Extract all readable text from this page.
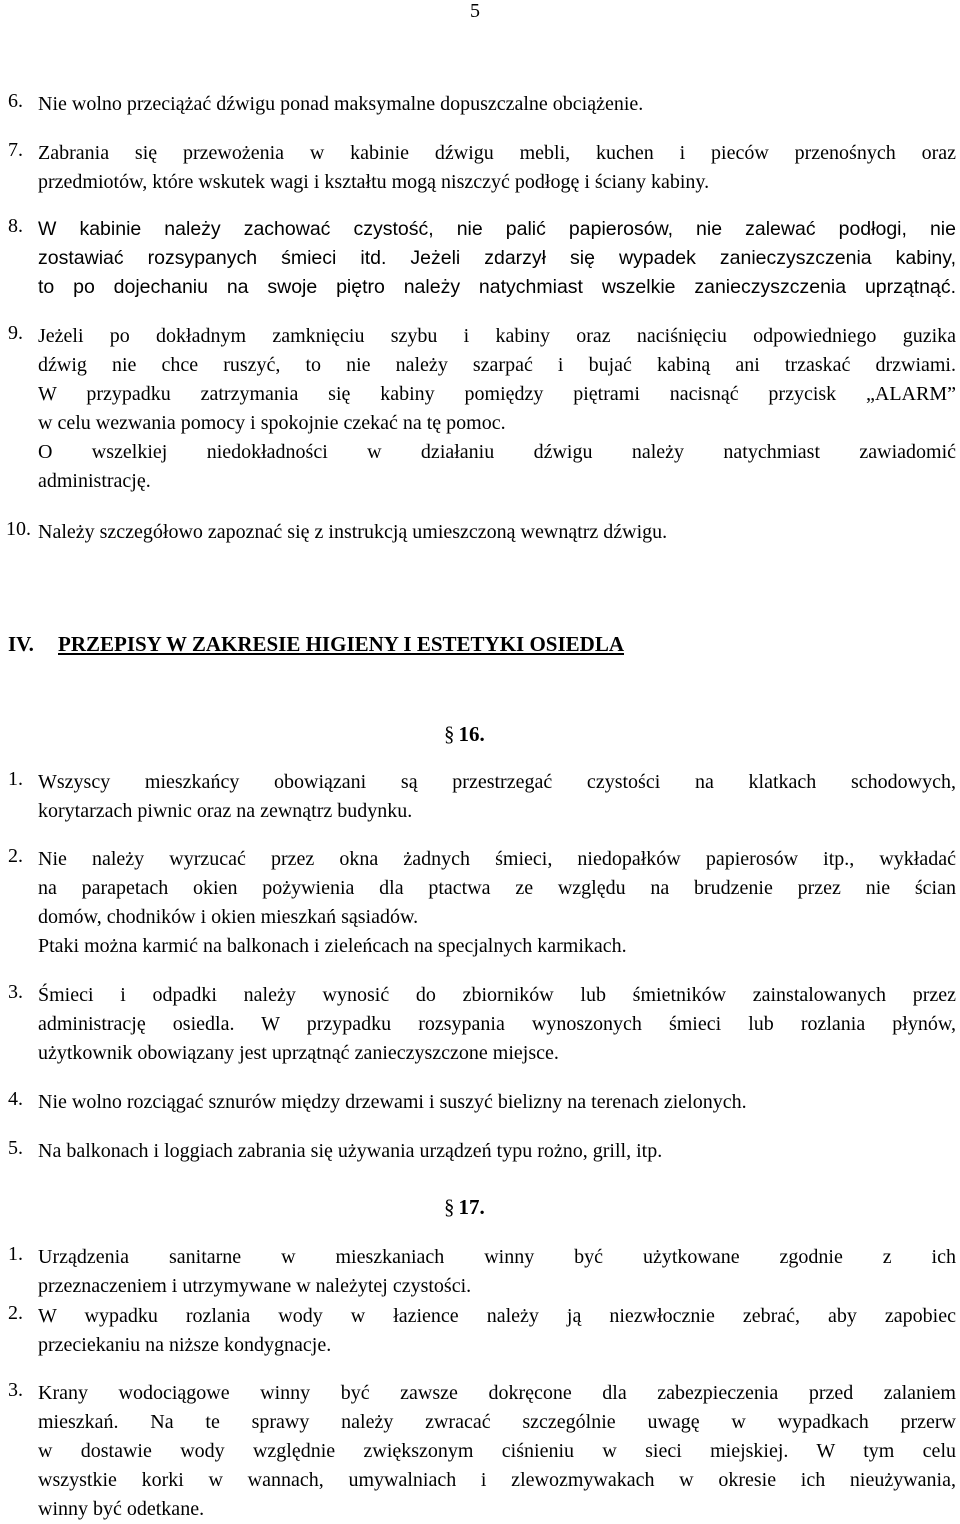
5
6. Nie wolno przeciążać dźwigu ponad maksymalne dopuszczalne obciążenie.
7. Zabrania się przewożenia w kabinie dźwigu mebli, kuchen i pieców przenośnych oraz
przedmiotów, które wskutek wagi i kształtu mogą niszczyć podłogę i ściany kabiny.
8. W kabinie należy zachować czystość, nie palić papierosów, nie zalewać podłogi, nie
zostawiać rozsypanych śmieci itd. Jeżeli zdarzył się wypadek zanieczyszczenia kabiny,
to po dojechaniu na swoje piętro należy natychmiast wszelkie zanieczyszczenia uprzątnąć.
9. Jeżeli po dokładnym zamknięciu szybu i kabiny oraz naciśnięciu odpowiedniego guzika
dźwig nie chce ruszyć, to nie należy szarpać i bujać kabiną ani trzaskać drzwiami.
W przypadku zatrzymania się kabiny pomiędzy piętrami nacisnąć przycisk „ALARM”
w celu wezwania pomocy i spokojnie czekać na tę pomoc.
O wszelkiej niedokładności w działaniu dźwigu należy natychmiast zawiadomić
administrację.
10. Należy szczegółowo zapoznać się z instrukcją umieszczoną wewnątrz dźwigu.
IV. PRZEPISY W ZAKRESIE HIGIENY I ESTETYKI OSIEDLA
§ 16.
1. Wszyscy mieszkańcy obowiązani są przestrzegać czystości na klatkach schodowych,
korytarzach piwnic oraz na zewnątrz budynku.
2. Nie należy wyrzucać przez okna żadnych śmieci, niedopałków papierosów itp., wykładać
na parapetach okien pożywienia dla ptactwa ze względu na brudzenie przez nie ścian
domów, chodników i okien mieszkań sąsiadów.
Ptaki można karmić na balkonach i zieleńcach na specjalnych karmikach.
3. Śmieci i odpadki należy wynosić do zbiorników lub śmietników zainstalowanych przez
administrację osiedla. W przypadku rozsypania wynoszonych śmieci lub rozlania płynów,
użytkownik obowiązany jest uprzątnąć zanieczyszczone miejsce.
4. Nie wolno rozciągać sznurów między drzewami i suszyć bielizny na terenach zielonych.
5. Na balkonach i loggiach zabrania się używania urządzeń typu rożno, grill, itp.
§ 17.
1. Urządzenia sanitarne w mieszkaniach winny być użytkowane zgodnie z ich
przeznaczeniem i utrzymywane w należytej czystości.
2. W wypadku rozlania wody w łazience należy ją niezwłocznie zebrać, aby zapobiec
przeciekaniu na niższe kondygnacje.
3. Krany wodociągowe winny być zawsze dokręcone dla zabezpieczenia przed zalaniem
mieszkań. Na te sprawy należy zwracać szczególnie uwagę w wypadkach przerw
w dostawie wody względnie zwiększonym ciśnieniu w sieci miejskiej. W tym celu
wszystkie korki w wannach, umywalniach i zlewozmywakach w okresie ich nieużywania,
winny być odetkane.
